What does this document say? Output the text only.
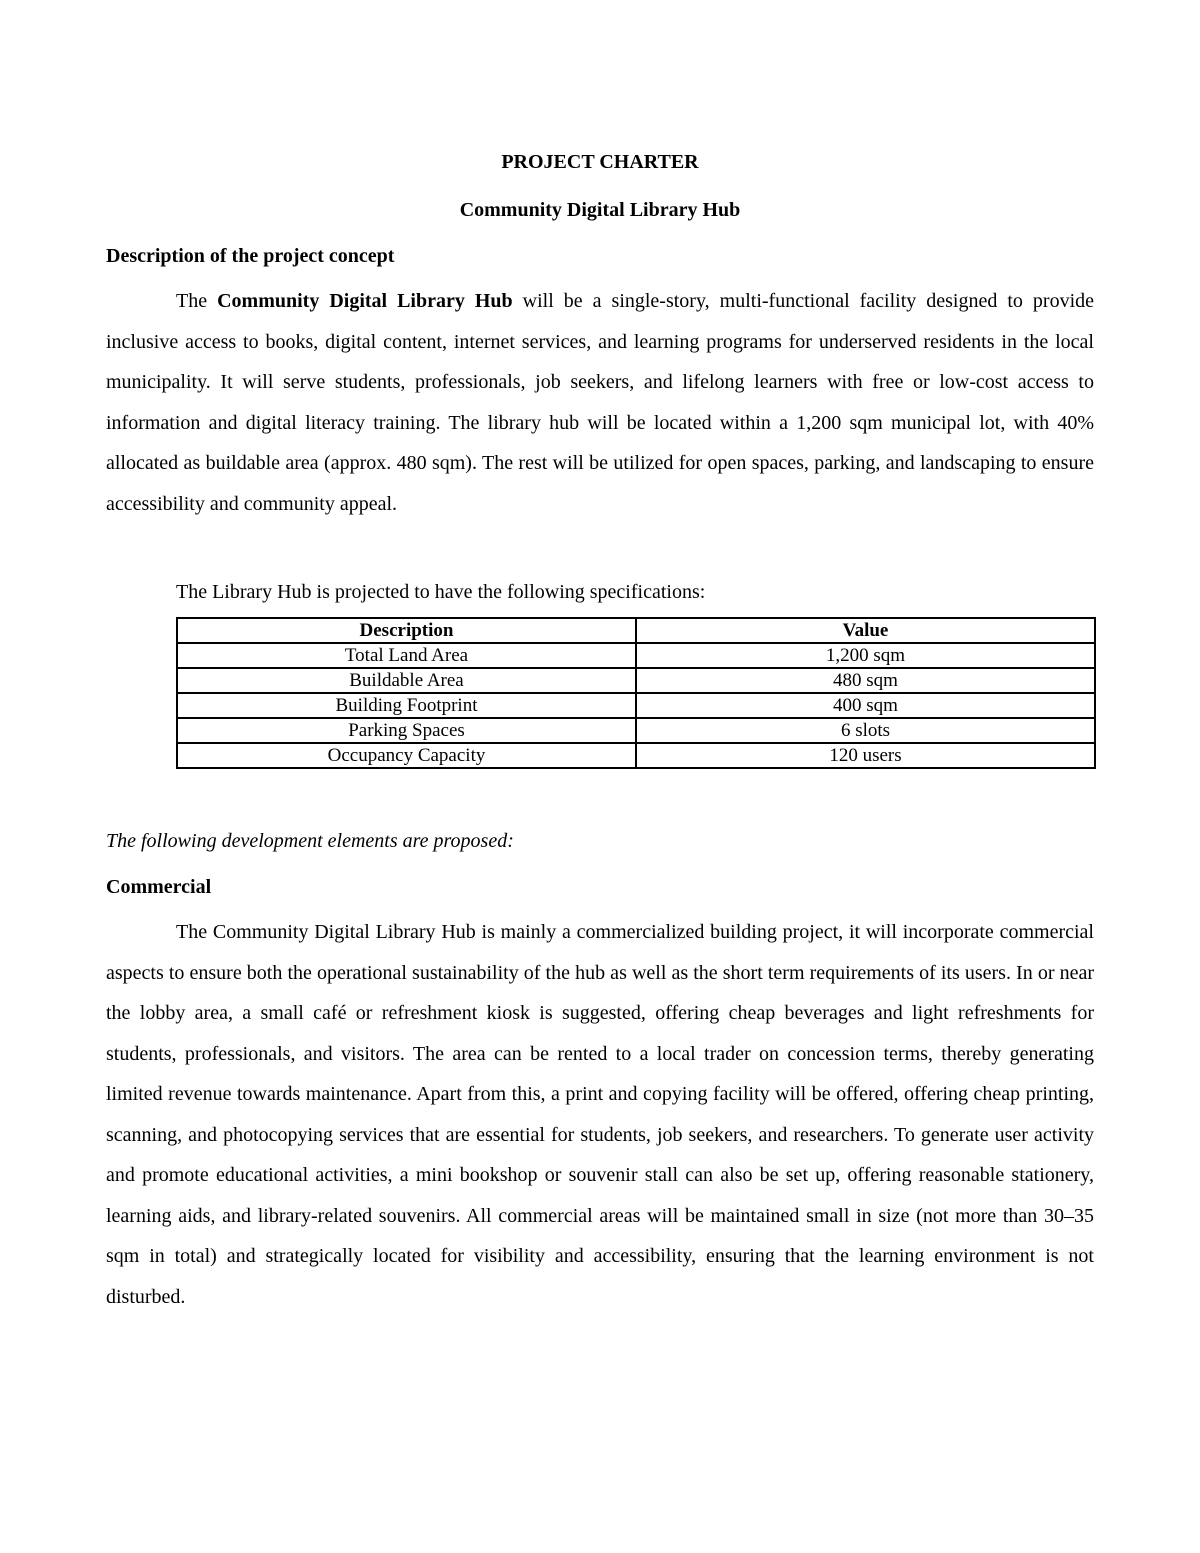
PROJECT CHARTER
Community Digital Library Hub
Description of the project concept

The Community Digital Library Hub will be a single-story, multi-functional facility designed to provide inclusive access to books, digital content, internet services, and learning programs for underserved residents in the local municipality. It will serve students, professionals, job seekers, and lifelong learners with free or low-cost access to information and digital literacy training. The library hub will be located within a 1,200 sqm municipal lot, with 40% allocated as buildable area (approx. 480 sqm). The rest will be utilized for open spaces, parking, and landscaping to ensure accessibility and community appeal.

The Library Hub is projected to have the following specifications:
Description	Value
Total Land Area	1,200 sqm
Buildable Area	480 sqm
Building Footprint	400 sqm
Parking Spaces	6 slots
Occupancy Capacity	120 users
The following development elements are proposed:
Commercial

The Community Digital Library Hub is mainly a commercialized building project, it will incorporate commercial aspects to ensure both the operational sustainability of the hub as well as the short term requirements of its users. In or near the lobby area, a small café or refreshment kiosk is suggested, offering cheap beverages and light refreshments for students, professionals, and visitors. The area can be rented to a local trader on concession terms, thereby generating limited revenue towards maintenance. Apart from this, a print and copying facility will be offered, offering cheap printing, scanning, and photocopying services that are essential for students, job seekers, and researchers. To generate user activity and promote educational activities, a mini bookshop or souvenir stall can also be set up, offering reasonable stationery, learning aids, and library-related souvenirs. All commercial areas will be maintained small in size (not more than 30–35 sqm in total) and strategically located for visibility and accessibility, ensuring that the learning environment is not disturbed.
